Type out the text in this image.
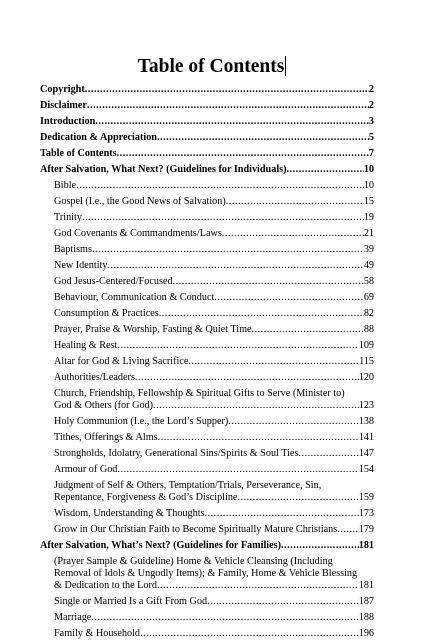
Table of Contents
Copyright .....	2
Disclaimer .....	2
Introduction .....	3
Dedication & Appreciation .....	5
Table of Contents .....	7
After Salvation, What Next? (Guidelines for Individuals) .....	10
Bible .....	10
Gospel (I.e., the Good News of Salvation) .....	15
Trinity .....	19
God Covenants & Commandments/Laws .....	21
Baptisms .....	39
New Identity .....	49
God Jesus-Centered/Focused .....	58
Behaviour, Communication & Conduct .....	69
Consumption & Practices .....	82
Prayer, Praise & Worship, Fasting & Quiet Time .....	88
Healing & Rest .....	109
Altar for God & Living Sacrifice .....	115
Authorities/Leaders .....	120
Church, Friendship, Fellowship & Spiritual Gifts to Serve (Minister to)
God & Others (for God) .....	123
Holy Communion (I.e., the Lord’s Supper) .....	138
Tithes, Offerings & Alms .....	141
Strongholds, Idolatry, Generational Sins/Spirits & Soul Ties .....	147
Armour of God .....	154
Judgment of Self & Others, Temptation/Trials, Perseverance, Sin,
Repentance, Forgiveness & God’s Discipline .....	159
Wisdom, Understanding & Thoughts .....	173
Grow in Our Christian Faith to Become Spiritually Mature Christians ..... 179
After Salvation, What’s Next? (Guidelines for Families) .....	181
(Prayer Sample & Guideline) Home & Vehicle Cleansing (Including
Removal of Idols & Ungodly Items); & Family, Home & Vehicle Blessing
& Dedication to the Lord .....	181
Single or Married Is a Gift From God .....	187
Marriage .....	188
Family & Household .....	196
